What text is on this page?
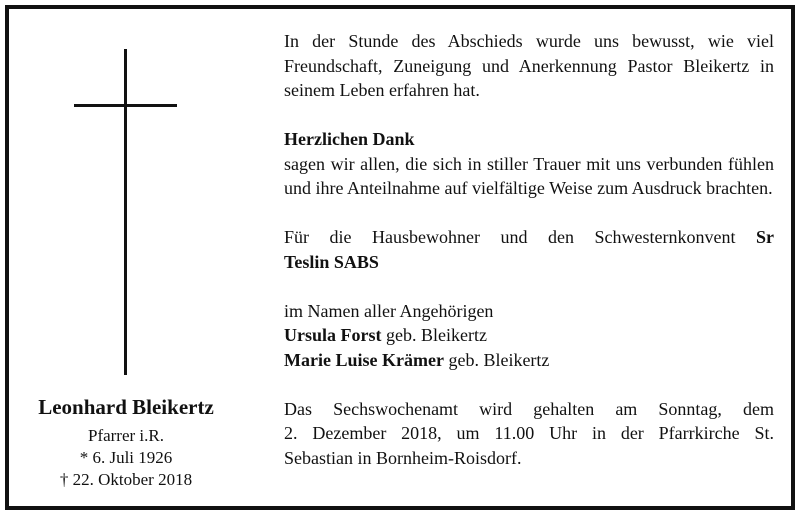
Leonhard Bleikertz
Pfarrer i.R.
* 6. Juli 1926
† 22. Oktober 2018

In der Stunde des Abschieds wurde uns bewusst, wie viel Freundschaft, Zuneigung und Anerkennung Pastor Bleikertz in seinem Leben erfahren hat.

Herzlichen Dank

sagen wir allen, die sich in stiller Trauer mit uns verbunden fühlen und ihre Anteilnahme auf vielfältige Weise zum Ausdruck brachten.

Für die Hausbewohner und den Schwesternkonvent Sr
Teslin SABS
im Namen aller Angehörigen
Ursula Forst geb. Bleikertz
Marie Luise Krämer geb. Bleikertz
Das Sechswochenamt wird gehalten am Sonntag, dem
2. Dezember 2018, um 11.00 Uhr in der Pfarrkirche St.
Sebastian in Bornheim-Roisdorf.
